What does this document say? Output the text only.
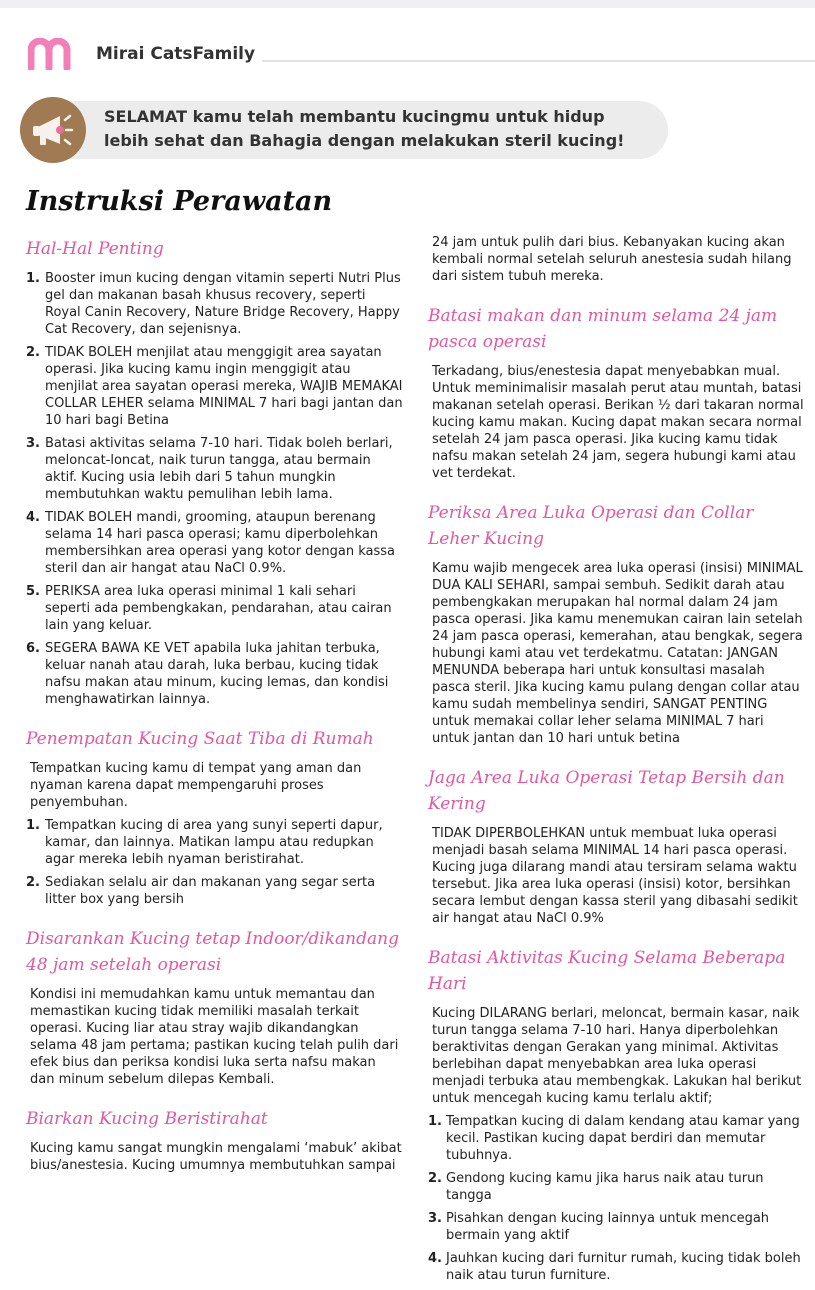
Mirai CatsFamily
SELAMAT kamu telah membantu kucingmu untuk hidup lebih sehat dan Bahagia dengan melakukan steril kucing!
Instruksi Perawatan
Hal-Hal Penting
1. Booster imun kucing dengan vitamin seperti Nutri Plus gel dan makanan basah khusus recovery, seperti Royal Canin Recovery, Nature Bridge Recovery, Happy Cat Recovery, dan sejenisnya.
2. TIDAK BOLEH menjilat atau menggigit area sayatan operasi. Jika kucing kamu ingin menggigit atau menjilat area sayatan operasi mereka, WAJIB MEMAKAI COLLAR LEHER selama MINIMAL 7 hari bagi jantan dan 10 hari bagi Betina
3. Batasi aktivitas selama 7-10 hari. Tidak boleh berlari, meloncat-loncat, naik turun tangga, atau bermain aktif. Kucing usia lebih dari 5 tahun mungkin membutuhkan waktu pemulihan lebih lama.
4. TIDAK BOLEH mandi, grooming, ataupun berenang selama 14 hari pasca operasi; kamu diperbolehkan membersihkan area operasi yang kotor dengan kassa steril dan air hangat atau NaCl 0.9%.
5. PERIKSA area luka operasi minimal 1 kali sehari seperti ada pembengkakan, pendarahan, atau cairan lain yang keluar.
6. SEGERA BAWA KE VET apabila luka jahitan terbuka, keluar nanah atau darah, luka berbau, kucing tidak nafsu makan atau minum, kucing lemas, dan kondisi menghawatirkan lainnya.
Penempatan Kucing Saat Tiba di Rumah
Tempatkan kucing kamu di tempat yang aman dan nyaman karena dapat mempengaruhi proses penyembuhan.
1. Tempatkan kucing di area yang sunyi seperti dapur, kamar, dan lainnya. Matikan lampu atau redupkan agar mereka lebih nyaman beristirahat.
2. Sediakan selalu air dan makanan yang segar serta litter box yang bersih
Disarankan Kucing tetap Indoor/dikandang 48 jam setelah operasi
Kondisi ini memudahkan kamu untuk memantau dan memastikan kucing tidak memiliki masalah terkait operasi. Kucing liar atau stray wajib dikandangkan selama 48 jam pertama; pastikan kucing telah pulih dari efek bius dan periksa kondisi luka serta nafsu makan dan minum sebelum dilepas Kembali.
Biarkan Kucing Beristirahat
Kucing kamu sangat mungkin mengalami ‘mabuk’ akibat bius/anestesia. Kucing umumnya membutuhkan sampai
24 jam untuk pulih dari bius. Kebanyakan kucing akan kembali normal setelah seluruh anestesia sudah hilang dari sistem tubuh mereka.
Batasi makan dan minum selama 24 jam pasca operasi
Terkadang, bius/enestesia dapat menyebabkan mual. Untuk meminimalisir masalah perut atau muntah, batasi makanan setelah operasi. Berikan ½ dari takaran normal kucing kamu makan. Kucing dapat makan secara normal setelah 24 jam pasca operasi. Jika kucing kamu tidak nafsu makan setelah 24 jam, segera hubungi kami atau vet terdekat.
Periksa Area Luka Operasi dan Collar Leher Kucing
Kamu wajib mengecek area luka operasi (insisi) MINIMAL DUA KALI SEHARI, sampai sembuh. Sedikit darah atau pembengkakan merupakan hal normal dalam 24 jam pasca operasi. Jika kamu menemukan cairan lain setelah 24 jam pasca operasi, kemerahan, atau bengkak, segera hubungi kami atau vet terdekatmu. Catatan: JANGAN MENUNDA beberapa hari untuk konsultasi masalah pasca steril. Jika kucing kamu pulang dengan collar atau kamu sudah membelinya sendiri, SANGAT PENTING untuk memakai collar leher selama MINIMAL 7 hari untuk jantan dan 10 hari untuk betina
Jaga Area Luka Operasi Tetap Bersih dan Kering
TIDAK DIPERBOLEHKAN untuk membuat luka operasi menjadi basah selama MINIMAL 14 hari pasca operasi. Kucing juga dilarang mandi atau tersiram selama waktu tersebut. Jika area luka operasi (insisi) kotor, bersihkan secara lembut dengan kassa steril yang dibasahi sedikit air hangat atau NaCl 0.9%
Batasi Aktivitas Kucing Selama Beberapa Hari
Kucing DILARANG berlari, meloncat, bermain kasar, naik turun tangga selama 7-10 hari. Hanya diperbolehkan beraktivitas dengan Gerakan yang minimal. Aktivitas berlebihan dapat menyebabkan area luka operasi menjadi terbuka atau membengkak. Lakukan hal berikut untuk mencegah kucing kamu terlalu aktif;
1. Tempatkan kucing di dalam kendang atau kamar yang kecil. Pastikan kucing dapat berdiri dan memutar tubuhnya.
2. Gendong kucing kamu jika harus naik atau turun tangga
3. Pisahkan dengan kucing lainnya untuk mencegah bermain yang aktif
4. Jauhkan kucing dari furnitur rumah, kucing tidak boleh naik atau turun furniture.
